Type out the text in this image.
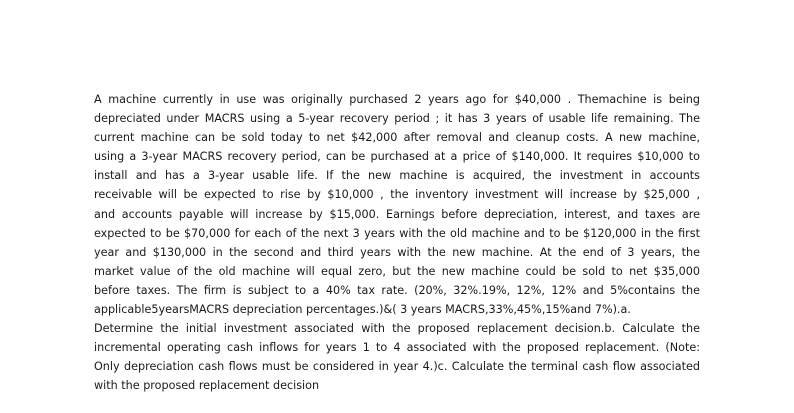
A machine currently in use was originally purchased 2 years ago for $40,000 . Themachine is being
depreciated under MACRS using a 5-year recovery period ; it has 3 years of usable life remaining. The
current machine can be sold today to net $42,000 after removal and cleanup costs. A new machine,
using a 3-year MACRS recovery period, can be purchased at a price of $140,000. It requires $10,000 to
install and has a 3-year usable life. If the new machine is acquired, the investment in accounts
receivable will be expected to rise by $10,000 , the inventory investment will increase by $25,000 ,
and accounts payable will increase by $15,000. Earnings before depreciation, interest, and taxes are
expected to be $70,000 for each of the next 3 years with the old machine and to be $120,000 in the first
year and $130,000 in the second and third years with the new machine. At the end of 3 years, the
market value of the old machine will equal zero, but the new machine could be sold to net $35,000
before taxes. The firm is subject to a 40% tax rate. (20%, 32%.19%, 12%, 12% and 5%contains the
applicable5yearsMACRS depreciation percentages.)&( 3 years MACRS,33%,45%,15%and 7%).a.
Determine the initial investment associated with the proposed replacement decision.b. Calculate the
incremental operating cash inflows for years 1 to 4 associated with the proposed replacement. (Note:
Only depreciation cash flows must be considered in year 4.)c. Calculate the terminal cash flow associated
with the proposed replacement decision
